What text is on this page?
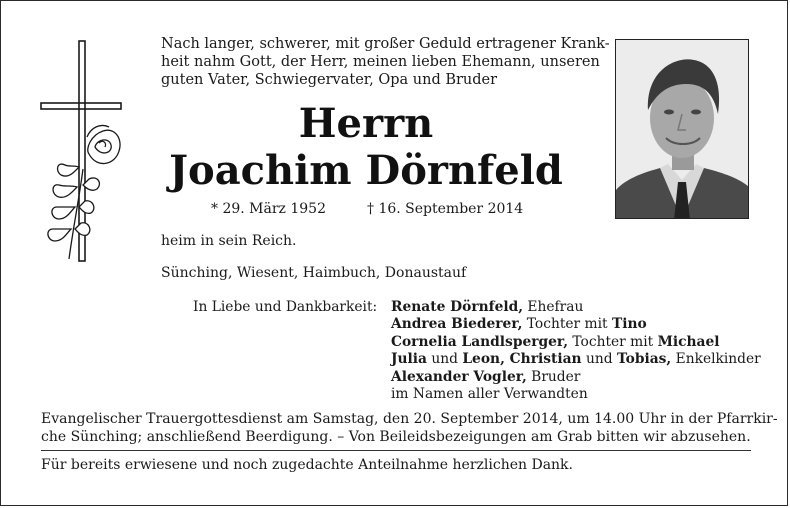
Nach langer, schwerer, mit großer Geduld ertragener Krank-
heit nahm Gott, der Herr, meinen lieben Ehemann, unseren
guten Vater, Schwiegervater, Opa und Bruder
Herrn
Joachim Dörnfeld
* 29. März 1952	† 16. September 2014
heim in sein Reich.
Sünching, Wiesent, Haimbuch, Donaustauf
In Liebe und Dankbarkeit: Renate Dörnfeld, Ehefrau
Andrea Biederer, Tochter mit Tino
Cornelia Landlsperger, Tochter mit Michael
Julia und Leon, Christian und Tobias, Enkelkinder
Alexander Vogler, Bruder
im Namen aller Verwandten
Evangelischer Trauergottesdienst am Samstag, den 20. September 2014, um 14.00 Uhr in der Pfarrkir-
che Sünching; anschließend Beerdigung. – Von Beileidsbezeigungen am Grab bitten wir abzusehen.
Für bereits erwiesene und noch zugedachte Anteilnahme herzlichen Dank.
